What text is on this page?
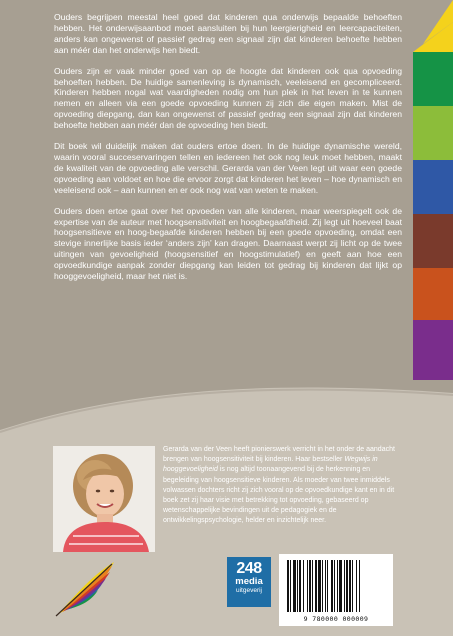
Ouders begrijpen meestal heel goed dat kinderen qua onderwijs bepaalde behoeften hebben. Het onderwijsaanbod moet aansluiten bij hun leergierigheid en leercapaciteiten, anders kan ongewenst of passief gedrag een signaal zijn dat kinderen behoefte hebben aan méér dan het onderwijs hen biedt.

Ouders zijn er vaak minder goed van op de hoogte dat kinderen ook qua opvoeding behoeften hebben. De huidige samenleving is dynamisch, veeleisend en gecompliceerd. Kinderen hebben nogal wat vaardigheden nodig om hun plek in het leven in te kunnen nemen en alleen via een goede opvoeding kunnen zij zich die eigen maken. Mist de opvoeding diepgang, dan kan ongewenst of passief gedrag een signaal zijn dat kinderen behoefte hebben aan méér dan de opvoeding hen biedt.

Dit boek wil duidelijk maken dat ouders ertoe doen. In de huidige dynamische wereld, waarin vooral succeservaringen tellen en iedereen het ook nog leuk moet hebben, maakt de kwaliteit van de opvoeding alle verschil. Gerarda van der Veen legt uit waar een goede opvoeding aan voldoet en hoe die ervoor zorgt dat kinderen het leven – hoe dynamisch en veeleisend ook – aan kunnen en er ook nog wat van weten te maken.

Ouders doen ertoe gaat over het opvoeden van alle kinderen, maar weerspiegelt ook de expertise van de auteur met hoogsensitiviteit en hoogbegaafdheid. Zij legt uit hoeveel baat hoogsensitieve en hoog-begaafde kinderen hebben bij een goede opvoeding, omdat een stevige innerlijke basis ieder ‘anders zijn’ kan dragen. Daarnaast werpt zij licht op de twee uitingen van gevoeligheid (hoogsensitief en hoogstimulatief) en geeft aan hoe een opvoedkundige aanpak zonder diepgang kan leiden tot gedrag bij kinderen dat lijkt op hooggevoeligheid, maar het niet is.

Gerarda van der Veen heeft pionierswerk verricht in het onder de aandacht brengen van hoogsensitiviteit bij kinderen. Haar bestseller Wegwijs in hooggevoeligheid is nog altijd toonaangevend bij de herkenning en begeleiding van hoogsensitieve kinderen. Als moeder van twee inmiddels volwassen dochters richt zij zich vooral op de opvoedkundige kant en in dit boek zet zij haar visie met betrekking tot opvoeding, gebaseerd op wetenschappelijke bevindingen uit de pedagogiek en de ontwikkelingspsychologie, helder en inzichtelijk neer.
248
media
uitgeverij
9 780000 000009
